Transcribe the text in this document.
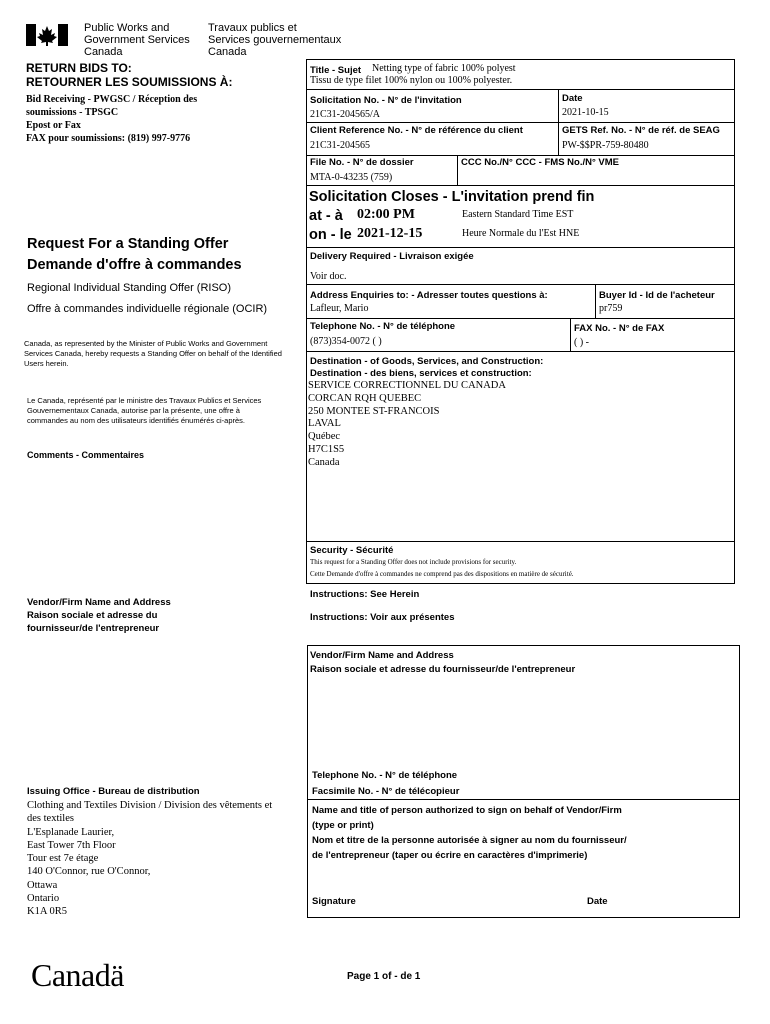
Public Works and
Government Services
Canada
Travaux publics et
Services gouvernementaux
Canada
RETURN BIDS TO:
RETOURNER LES SOUMISSIONS À:
Bid Receiving - PWGSC / Réception des
soumissions - TPSGC
Epost or Fax
FAX pour soumissions: (819) 997-9776
Request For a Standing Offer
Demande d'offre à commandes
Regional Individual Standing Offer (RISO)
Offre à commandes individuelle régionale (OCIR)
Canada, as represented by the Minister of Public Works and Government Services Canada, hereby requests a Standing Offer on behalf of the Identified Users herein.
Le Canada, représenté par le ministre des Travaux Publics et Services Gouvernementaux Canada, autorise par la présente, une offre à commandes au nom des utilisateurs identifiés énumérés ci-après.
Comments - Commentaires
Vendor/Firm Name and Address
Raison sociale et adresse du
fournisseur/de l'entrepreneur
Issuing Office - Bureau de distribution
Clothing and Textiles Division / Division des vêtements et
des textiles
L'Esplanade Laurier,
East Tower 7th Floor
Tour est 7e étage
140 O'Connor, rue O'Connor,
Ottawa
Ontario
K1A 0R5
Title - Sujet Netting type of fabric 100% polyest
Tissu de type filet 100% nylon ou 100% polyester.
Solicitation No. - N° de l'invitation
21C31-204565/A
Date
2021-10-15
Client Reference No. - N° de référence du client
21C31-204565
GETS Ref. No. - N° de réf. de SEAG
PW-$$PR-759-80480
File No. - N° de dossier
MTA-0-43235 (759)
CCC No./N° CCC - FMS No./N° VME
Solicitation Closes - L'invitation prend fin
at - à 02:00 PM	Eastern Standard Time EST
on - le 2021-12-15	Heure Normale du l'Est HNE
Delivery Required - Livraison exigée
Voir doc.
Address Enquiries to: - Adresser toutes questions à:
Lafleur, Mario
Buyer Id - Id de l'acheteur
pr759
Telephone No. - N° de téléphone
(873)354-0072 ( )
FAX No. - N° de FAX
( ) -
Destination - of Goods, Services, and Construction:
Destination - des biens, services et construction:
SERVICE CORRECTIONNEL DU CANADA
CORCAN RQH QUEBEC
250 MONTEE ST-FRANCOIS
LAVAL
Québec
H7C1S5
Canada
Security - Sécurité
This request for a Standing Offer does not include provisions for security.
Cette Demande d'offre à commandes ne comprend pas des dispositions en matière de sécurité.
Instructions: See Herein
Instructions: Voir aux présentes
Vendor/Firm Name and Address
Raison sociale et adresse du fournisseur/de l'entrepreneur
Telephone No. - N° de téléphone
Facsimile No. - N° de télécopieur
Name and title of person authorized to sign on behalf of Vendor/Firm
(type or print)
Nom et titre de la personne autorisée à signer au nom du fournisseur/
de l'entrepreneur (taper ou écrire en caractères d'imprimerie)
Signature	Date
Canadä	Page 1 of - de 1
